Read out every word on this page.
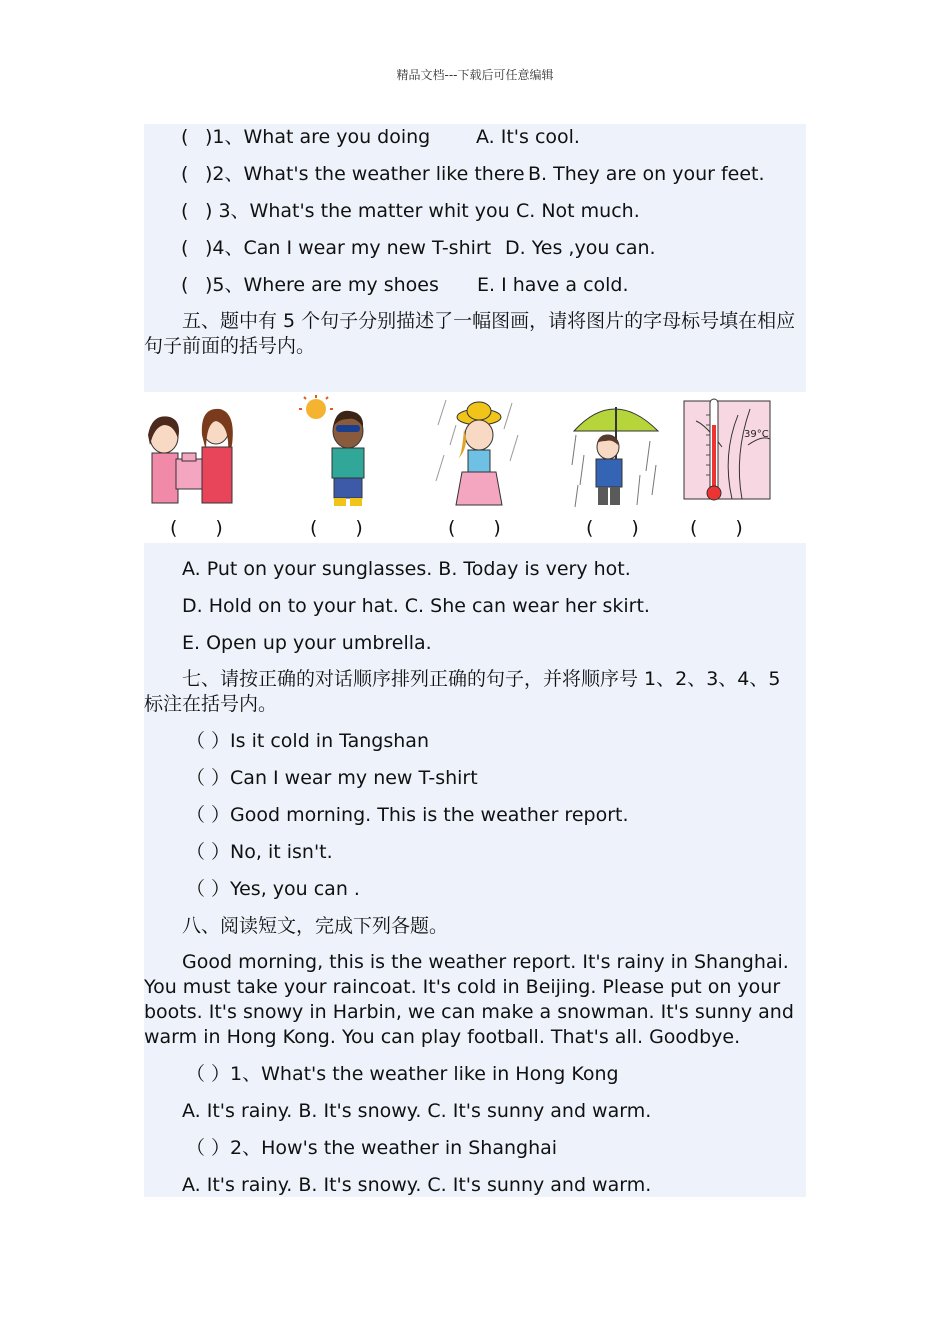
精品文档---下载后可任意编辑
( )1、What are you doing A. It's cool.
( )2、What's the weather like there B. They are on your feet.
( ) 3、What's the matter whit you C. Not much.
( )4、Can I wear my new T-shirt D. Yes ,you can.
( )5、Where are my shoes E. I have a cold.
五、题中有 5 个句子分别描述了一幅图画，请将图片的字母标号填在相应句子前面的括号内。
(　　)	(　　)	(　　)	(　　)
39°C
(　　)
A. Put on your sunglasses. B. Today is very hot.
D. Hold on to your hat. C. She can wear her skirt.
E. Open up your umbrella.
七、请按正确的对话顺序排列正确的句子，并将顺序号 1、2、3、4、5 标注在括号内。
（ ）Is it cold in Tangshan
（ ）Can I wear my new T-shirt
（ ）Good morning. This is the weather report.
（ ）No, it isn't.
（ ）Yes, you can .
八、阅读短文，完成下列各题。
Good morning, this is the weather report. It's rainy in Shanghai. You must take your raincoat. It's cold in Beijing. Please put on your boots. It's snowy in Harbin, we can make a snowman. It's sunny and warm in Hong Kong. You can play football. That's all. Goodbye.
（ ）1、What's the weather like in Hong Kong
A. It's rainy. B. It's snowy. C. It's sunny and warm.
（ ）2、How's the weather in Shanghai
A. It's rainy. B. It's snowy. C. It's sunny and warm.
